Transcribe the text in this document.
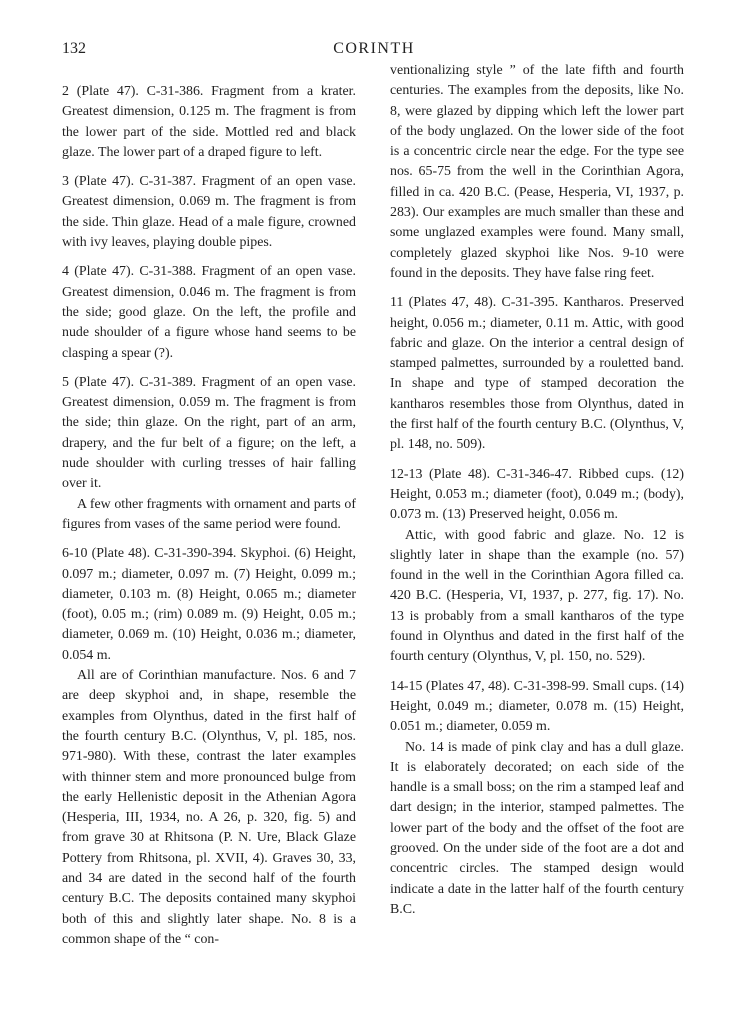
132	CORINTH

2 (Plate 47). C-31-386. Fragment from a krater. Greatest dimension, 0.125 m. The fragment is from the lower part of the side. Mottled red and black glaze. The lower part of a draped figure to left.

3 (Plate 47). C-31-387. Fragment of an open vase. Greatest dimension, 0.069 m. The fragment is from the side. Thin glaze. Head of a male figure, crowned with ivy leaves, playing double pipes.

4 (Plate 47). C-31-388. Fragment of an open vase. Greatest dimension, 0.046 m. The fragment is from the side; good glaze. On the left, the profile and nude shoulder of a figure whose hand seems to be clasping a spear (?).

5 (Plate 47). C-31-389. Fragment of an open vase. Greatest dimension, 0.059 m. The fragment is from the side; thin glaze. On the right, part of an arm, drapery, and the fur belt of a figure; on the left, a nude shoulder with curling tresses of hair falling over it.

A few other fragments with ornament and parts of figures from vases of the same period were found.

6-10 (Plate 48). C-31-390-394. Skyphoi. (6) Height, 0.097 m.; diameter, 0.097 m. (7) Height, 0.099 m.; diameter, 0.103 m. (8) Height, 0.065 m.; diameter (foot), 0.05 m.; (rim) 0.089 m. (9) Height, 0.05 m.; diameter, 0.069 m. (10) Height, 0.036 m.; diameter, 0.054 m.

All are of Corinthian manufacture. Nos. 6 and 7 are deep skyphoi and, in shape, resemble the examples from Olynthus, dated in the first half of the fourth century B.C. (Olynthus, V, pl. 185, nos. 971-980). With these, contrast the later examples with thinner stem and more pronounced bulge from the early Hellenistic deposit in the Athenian Agora (Hesperia, III, 1934, no. A 26, p. 320, fig. 5) and from grave 30 at Rhitsona (P. N. Ure, Black Glaze Pottery from Rhitsona, pl. XVII, 4). Graves 30, 33, and 34 are dated in the second half of the fourth century B.C. The deposits contained many skyphoi both of this and slightly later shape. No. 8 is a common shape of the “ con-

ventionalizing style ” of the late fifth and fourth centuries. The examples from the deposits, like No. 8, were glazed by dipping which left the lower part of the body unglazed. On the lower side of the foot is a concentric circle near the edge. For the type see nos. 65-75 from the well in the Corinthian Agora, filled in ca. 420 B.C. (Pease, Hesperia, VI, 1937, p. 283). Our examples are much smaller than these and some unglazed examples were found. Many small, completely glazed skyphoi like Nos. 9-10 were found in the deposits. They have false ring feet.

11 (Plates 47, 48). C-31-395. Kantharos. Preserved height, 0.056 m.; diameter, 0.11 m. Attic, with good fabric and glaze. On the interior a central design of stamped palmettes, surrounded by a rouletted band. In shape and type of stamped decoration the kantharos resembles those from Olynthus, dated in the first half of the fourth century B.C. (Olynthus, V, pl. 148, no. 509).

12-13 (Plate 48). C-31-346-47. Ribbed cups. (12) Height, 0.053 m.; diameter (foot), 0.049 m.; (body), 0.073 m. (13) Preserved height, 0.056 m.

Attic, with good fabric and glaze. No. 12 is slightly later in shape than the example (no. 57) found in the well in the Corinthian Agora filled ca. 420 B.C. (Hesperia, VI, 1937, p. 277, fig. 17). No. 13 is probably from a small kantharos of the type found in Olynthus and dated in the first half of the fourth century (Olynthus, V, pl. 150, no. 529).

14-15 (Plates 47, 48). C-31-398-99. Small cups. (14) Height, 0.049 m.; diameter, 0.078 m. (15) Height, 0.051 m.; diameter, 0.059 m.

No. 14 is made of pink clay and has a dull glaze. It is elaborately decorated; on each side of the handle is a small boss; on the rim a stamped leaf and dart design; in the interior, stamped palmettes. The lower part of the body and the offset of the foot are grooved. On the under side of the foot are a dot and concentric circles. The stamped design would indicate a date in the latter half of the fourth century B.C.
